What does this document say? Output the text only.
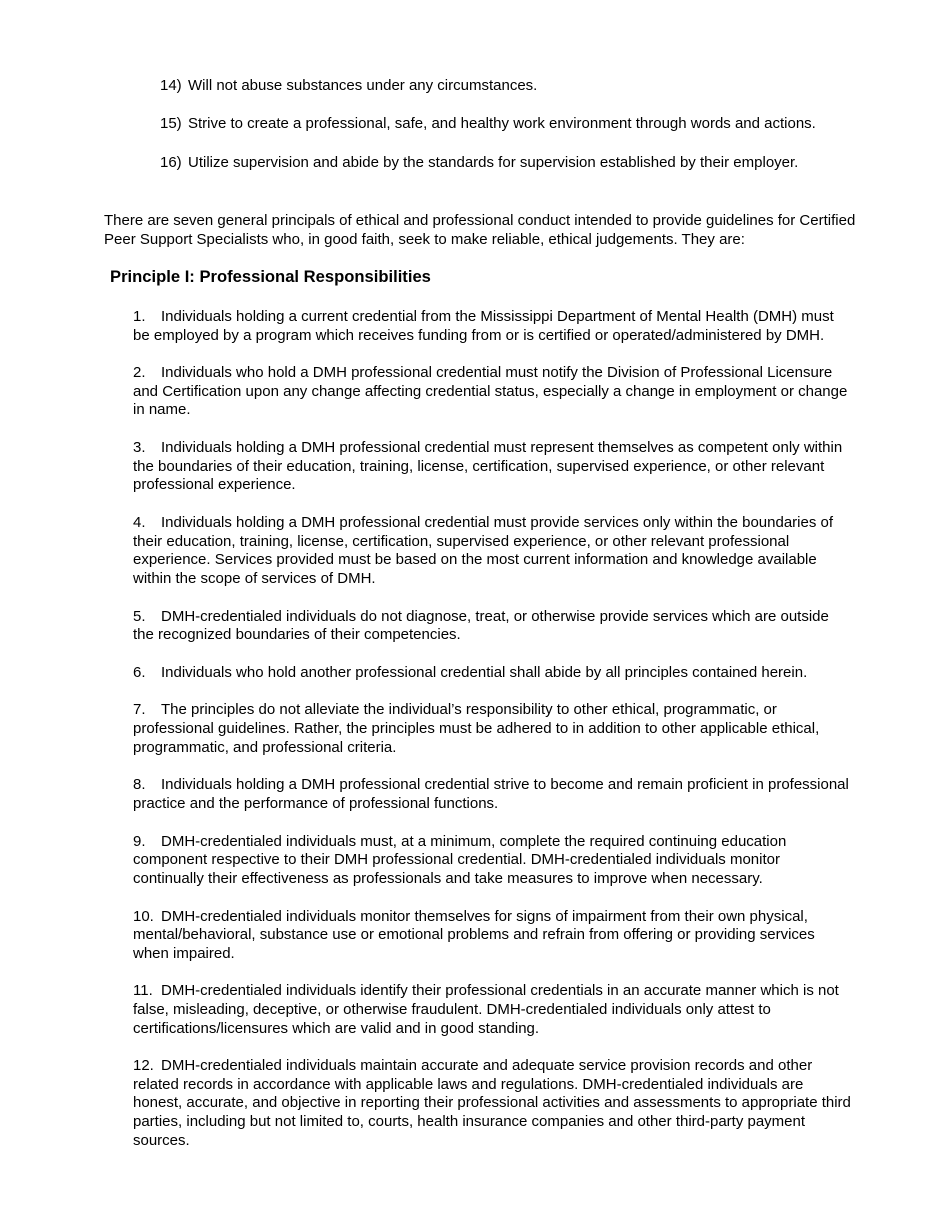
14) Will not abuse substances under any circumstances.
15) Strive to create a professional, safe, and healthy work environment through words and actions.
16) Utilize supervision and abide by the standards for supervision established by their employer.
There are seven general principals of ethical and professional conduct intended to provide guidelines for Certified Peer Support Specialists who, in good faith, seek to make reliable, ethical judgements. They are:
Principle I: Professional Responsibilities
1. Individuals holding a current credential from the Mississippi Department of Mental Health (DMH) must be employed by a program which receives funding from or is certified or operated/administered by DMH.
2. Individuals who hold a DMH professional credential must notify the Division of Professional Licensure and Certification upon any change affecting credential status, especially a change in employment or change in name.
3. Individuals holding a DMH professional credential must represent themselves as competent only within the boundaries of their education, training, license, certification, supervised experience, or other relevant professional experience.
4. Individuals holding a DMH professional credential must provide services only within the boundaries of their education, training, license, certification, supervised experience, or other relevant professional experience. Services provided must be based on the most current information and knowledge available within the scope of services of DMH.
5. DMH-credentialed individuals do not diagnose, treat, or otherwise provide services which are outside the recognized boundaries of their competencies.
6. Individuals who hold another professional credential shall abide by all principles contained herein.
7. The principles do not alleviate the individual’s responsibility to other ethical, programmatic, or professional guidelines. Rather, the principles must be adhered to in addition to other applicable ethical, programmatic, and professional criteria.
8. Individuals holding a DMH professional credential strive to become and remain proficient in professional practice and the performance of professional functions.
9. DMH-credentialed individuals must, at a minimum, complete the required continuing education component respective to their DMH professional credential. DMH-credentialed individuals monitor continually their effectiveness as professionals and take measures to improve when necessary.
10. DMH-credentialed individuals monitor themselves for signs of impairment from their own physical, mental/behavioral, substance use or emotional problems and refrain from offering or providing services when impaired.
11. DMH-credentialed individuals identify their professional credentials in an accurate manner which is not false, misleading, deceptive, or otherwise fraudulent. DMH-credentialed individuals only attest to certifications/licensures which are valid and in good standing.
12. DMH-credentialed individuals maintain accurate and adequate service provision records and other related records in accordance with applicable laws and regulations. DMH-credentialed individuals are honest, accurate, and objective in reporting their professional activities and assessments to appropriate third parties, including but not limited to, courts, health insurance companies and other third-party payment sources.
